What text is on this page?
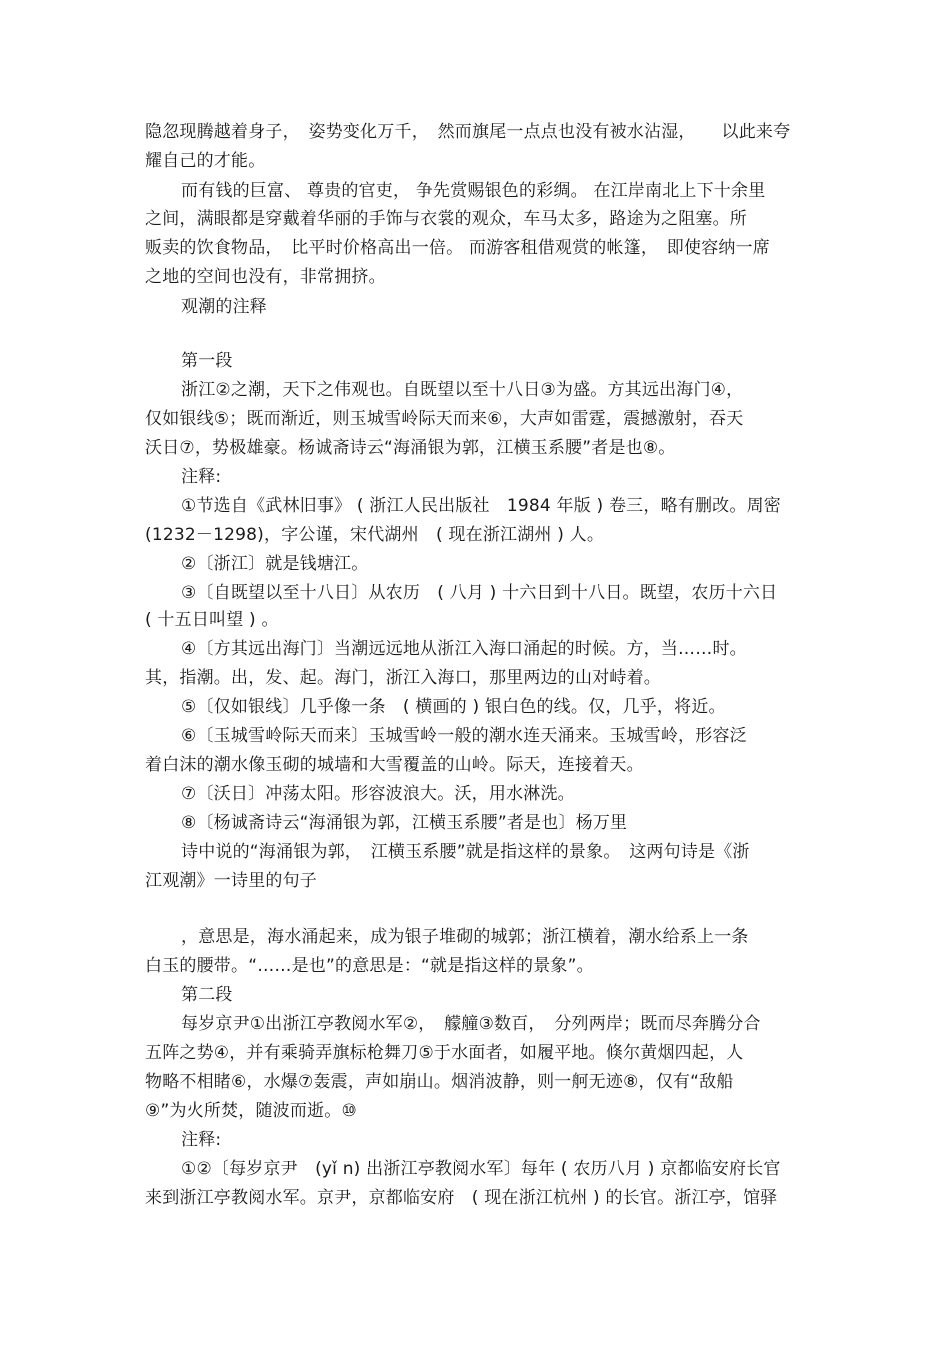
隐忽现腾越着身子，　姿势变化万千，　然而旗尾一点点也没有被水沾湿，　　以此来夸
耀自己的才能。
而有钱的巨富、 尊贵的官吏， 争先赏赐银色的彩绸。 在江岸南北上下十余里
之间，满眼都是穿戴着华丽的手饰与衣裳的观众，车马太多，路途为之阻塞。所
贩卖的饮食物品，　比平时价格高出一倍。 而游客租借观赏的帐篷，　即使容纳一席
之地的空间也没有，非常拥挤。
观潮的注释
第一段
浙江②之潮，天下之伟观也。自既望以至十八日③为盛。方其远出海门④，
仅如银线⑤；既而渐近，则玉城雪岭际天而来⑥，大声如雷霆，震撼激射，吞天
沃日⑦，势极雄豪。杨诚斋诗云“海涌银为郭，江横玉系腰”者是也⑧。
注释:
①节选自《武林旧事》 ( 浙江人民出版社　1984 年版 ) 卷三，略有删改。周密
(1232－1298)，字公谨，宋代湖州　( 现在浙江湖州 ) 人。
②〔浙江〕就是钱塘江。
③〔自既望以至十八日〕从农历　( 八月 ) 十六日到十八日。既望，农历十六日
( 十五日叫望 ) 。
④〔方其远出海门〕当潮远远地从浙江入海口涌起的时候。方，当……时。
其，指潮。出，发、起。海门，浙江入海口，那里两边的山对峙着。
⑤〔仅如银线〕几乎像一条　( 横画的 ) 银白色的线。仅，几乎，将近。
⑥〔玉城雪岭际天而来〕玉城雪岭一般的潮水连天涌来。玉城雪岭，形容泛
着白沫的潮水像玉砌的城墙和大雪覆盖的山岭。际天，连接着天。
⑦〔沃日〕冲荡太阳。形容波浪大。沃，用水淋洗。
⑧〔杨诚斋诗云“海涌银为郭，江横玉系腰”者是也〕杨万里
诗中说的“海涌银为郭，　江横玉系腰”就是指这样的景象。　这两句诗是《浙
江观潮》一诗里的句子
，意思是，海水涌起来，成为银子堆砌的城郭；浙江横着，潮水给系上一条
白玉的腰带。“……是也”的意思是：“就是指这样的景象”。
第二段
每岁京尹①出浙江亭教阅水军②，　艨艟③数百，　分列两岸；既而尽奔腾分合
五阵之势④，并有乘骑弄旗标枪舞刀⑤于水面者，如履平地。倏尔黄烟四起，人
物略不相睹⑥，水爆⑦轰震，声如崩山。烟消波静，则一舸无迹⑧，仅有“敌船
⑨”为火所焚，随波而逝。⑩
注释:
①②〔每岁京尹　(yǐ n) 出浙江亭教阅水军〕每年 ( 农历八月 ) 京都临安府长官
来到浙江亭教阅水军。京尹，京都临安府　( 现在浙江杭州 ) 的长官。浙江亭，馆驿
